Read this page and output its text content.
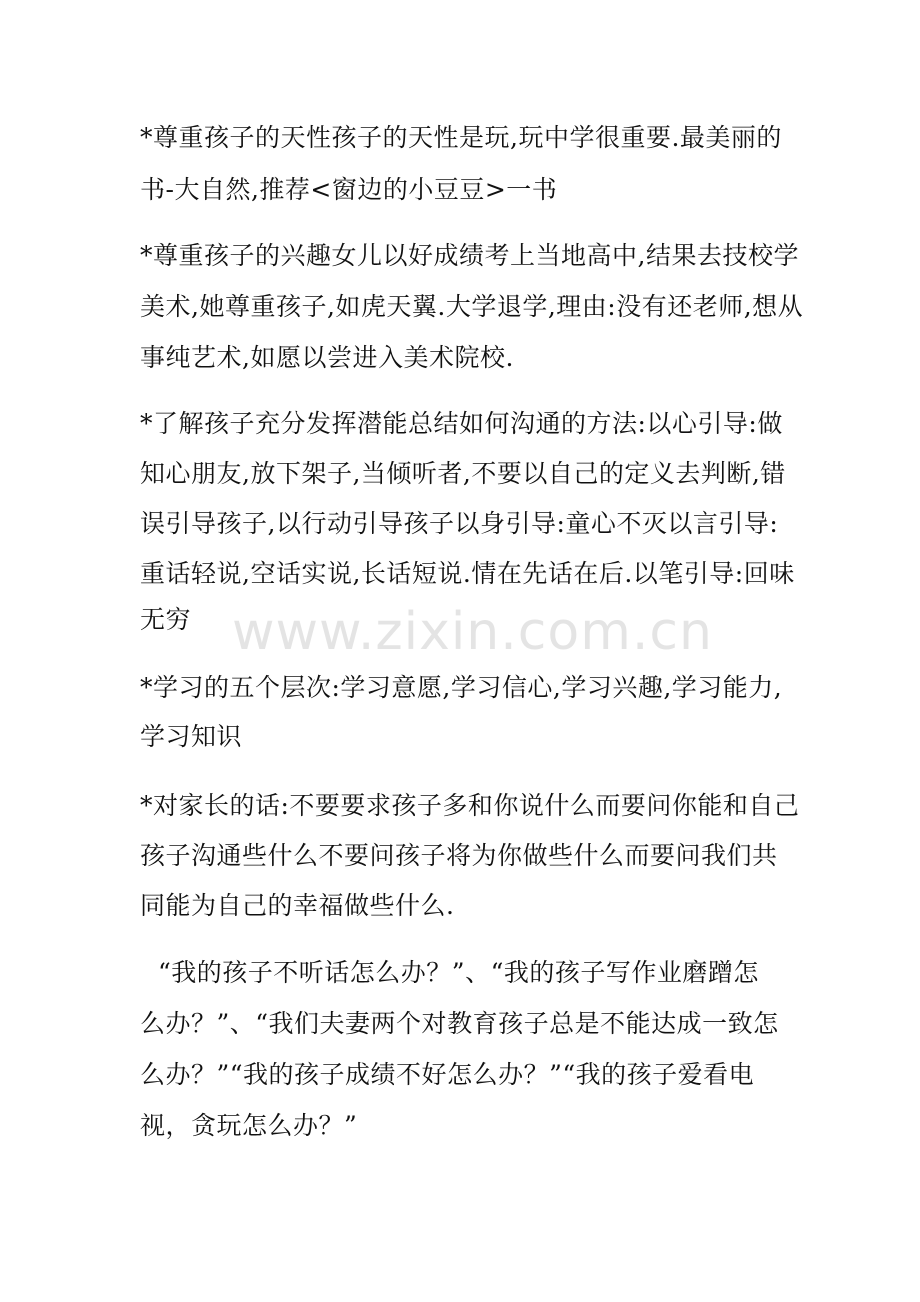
www.zixin.com.cn
*尊重孩子的天性孩子的天性是玩,玩中学很重要.最美丽的
书-大自然,推荐<窗边的小豆豆>一书
*尊重孩子的兴趣女儿以好成绩考上当地高中,结果去技校学
美术,她尊重孩子,如虎天翼.大学退学,理由:没有还老师,想从
事纯艺术,如愿以尝进入美术院校.
*了解孩子充分发挥潜能总结如何沟通的方法:以心引导:做
知心朋友,放下架子,当倾听者,不要以自己的定义去判断,错
误引导孩子,以行动引导孩子以身引导:童心不灭以言引导:
重话轻说,空话实说,长话短说.情在先话在后.以笔引导:回味
无穷
*学习的五个层次:学习意愿,学习信心,学习兴趣,学习能力,
学习知识
*对家长的话:不要要求孩子多和你说什么而要问你能和自己
孩子沟通些什么不要问孩子将为你做些什么而要问我们共
同能为自己的幸福做些什么.
“我的孩子不听话怎么办？”、“我的孩子写作业磨蹭怎
么办？”、“我们夫妻两个对教育孩子总是不能达成一致怎
么办？”“我的孩子成绩不好怎么办？”“我的孩子爱看电
视，贪玩怎么办？”
